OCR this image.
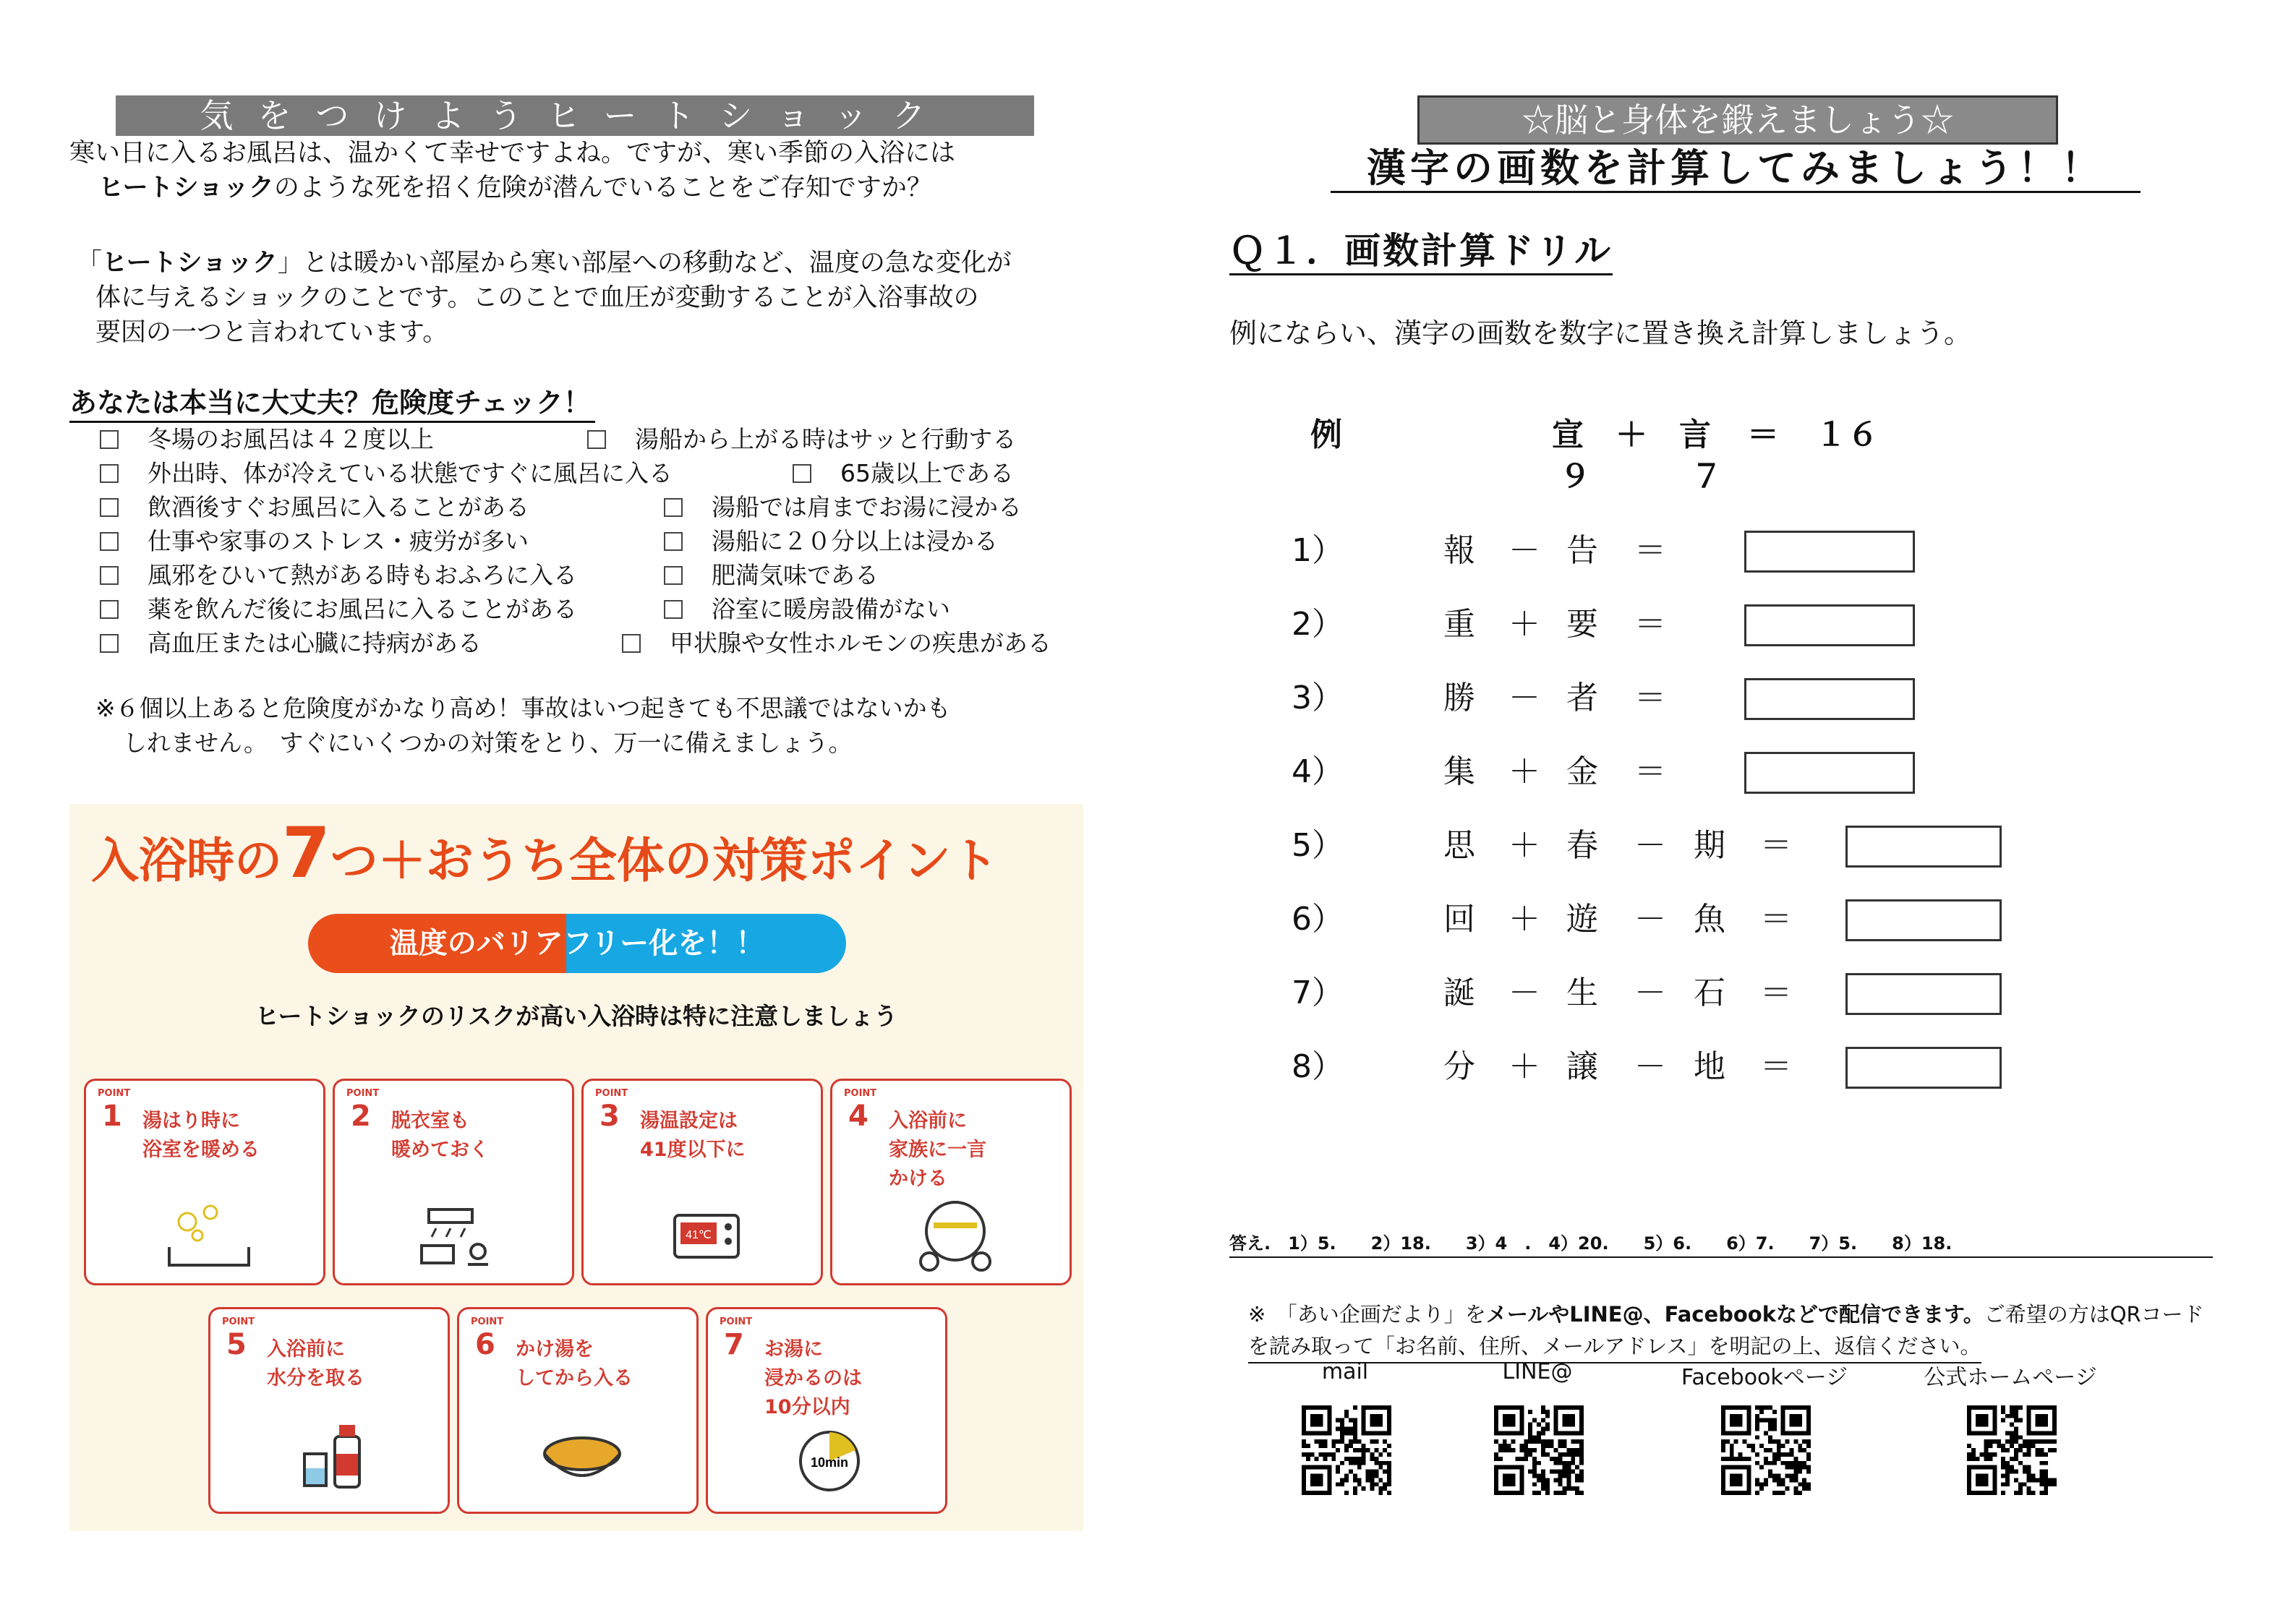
気をつけようヒートショック
寒い日に入るお風呂は、温かくて幸せですよね。ですが、寒い季節の入浴には
ヒートショックのような死を招く危険が潜んでいることをご存知ですか？
「ヒートショック」とは暖かい部屋から寒い部屋への移動など、温度の急な変化が
体に与えるショックのことです。このことで血圧が変動することが入浴事故の
要因の一つと言われています。
あなたは本当に大丈夫？危険度チェック！
冬場のお風呂は４２度以上
外出時、体が冷えている状態ですぐに風呂に入る
飲酒後すぐお風呂に入ることがある
仕事や家事のストレス・疲労が多い
風邪をひいて熱がある時もおふろに入る
薬を飲んだ後にお風呂に入ることがある
高血圧または心臓に持病がある
湯船から上がる時はサッと行動する
65歳以上である
湯船では肩までお湯に浸かる
湯船に２０分以上は浸かる
肥満気味である
浴室に暖房設備がない
甲状腺や女性ホルモンの疾患がある
※６個以上あると危険度がかなり高め！事故はいつ起きても不思議ではないかも
しれません。　すぐにいくつかの対策をとり、万一に備えましょう。
入浴時の7つ＋おうち全体の対策ポイント
温度のバリアフリー化を！！
ヒートショックのリスクが高い入浴時は特に注意しましょう
POINT
1 湯はり時に
浴室を暖める
POINT
2 脱衣室も
暖めておく
POINT
3 湯温設定は
41度以下に
41℃
POINT
4 入浴前に
家族に一言
かける
POINT
5 入浴前に
水分を取る
POINT
6 かけ湯を
してから入る
POINT
7 お湯に
浸かるのは
10分以内
10min
☆脳と身体を鍛えましょう☆
漢字の画数を計算してみましょう！！
Ｑ１．画数計算ドリル
例にならい、漢字の画数を数字に置き換え計算しましょう。
例	宣 ＋ 言 ＝ １６
９	７
1）	報 － 告 ＝
2）	重 ＋ 要 ＝
3）	勝 － 者 ＝
4）	集 ＋ 金 ＝
5）	思 ＋ 春 － 期 ＝
6）	回 ＋ 遊 － 魚 ＝
7）	誕 － 生 － 石 ＝
8）	分 ＋ 譲 － 地 ＝
答え.　1）5.　　2）18.　　3）4　.　4）20.　　5）6.　　6）7.　　7）5.　　8）18.
※　「あい企画だより」をメールやLINE@、Facebookなどで配信できます。ご希望の方はQRコード
を読み取って「お名前、住所、メールアドレス」を明記の上、返信ください。
mail	LINE@	Facebookページ	公式ホームページ
